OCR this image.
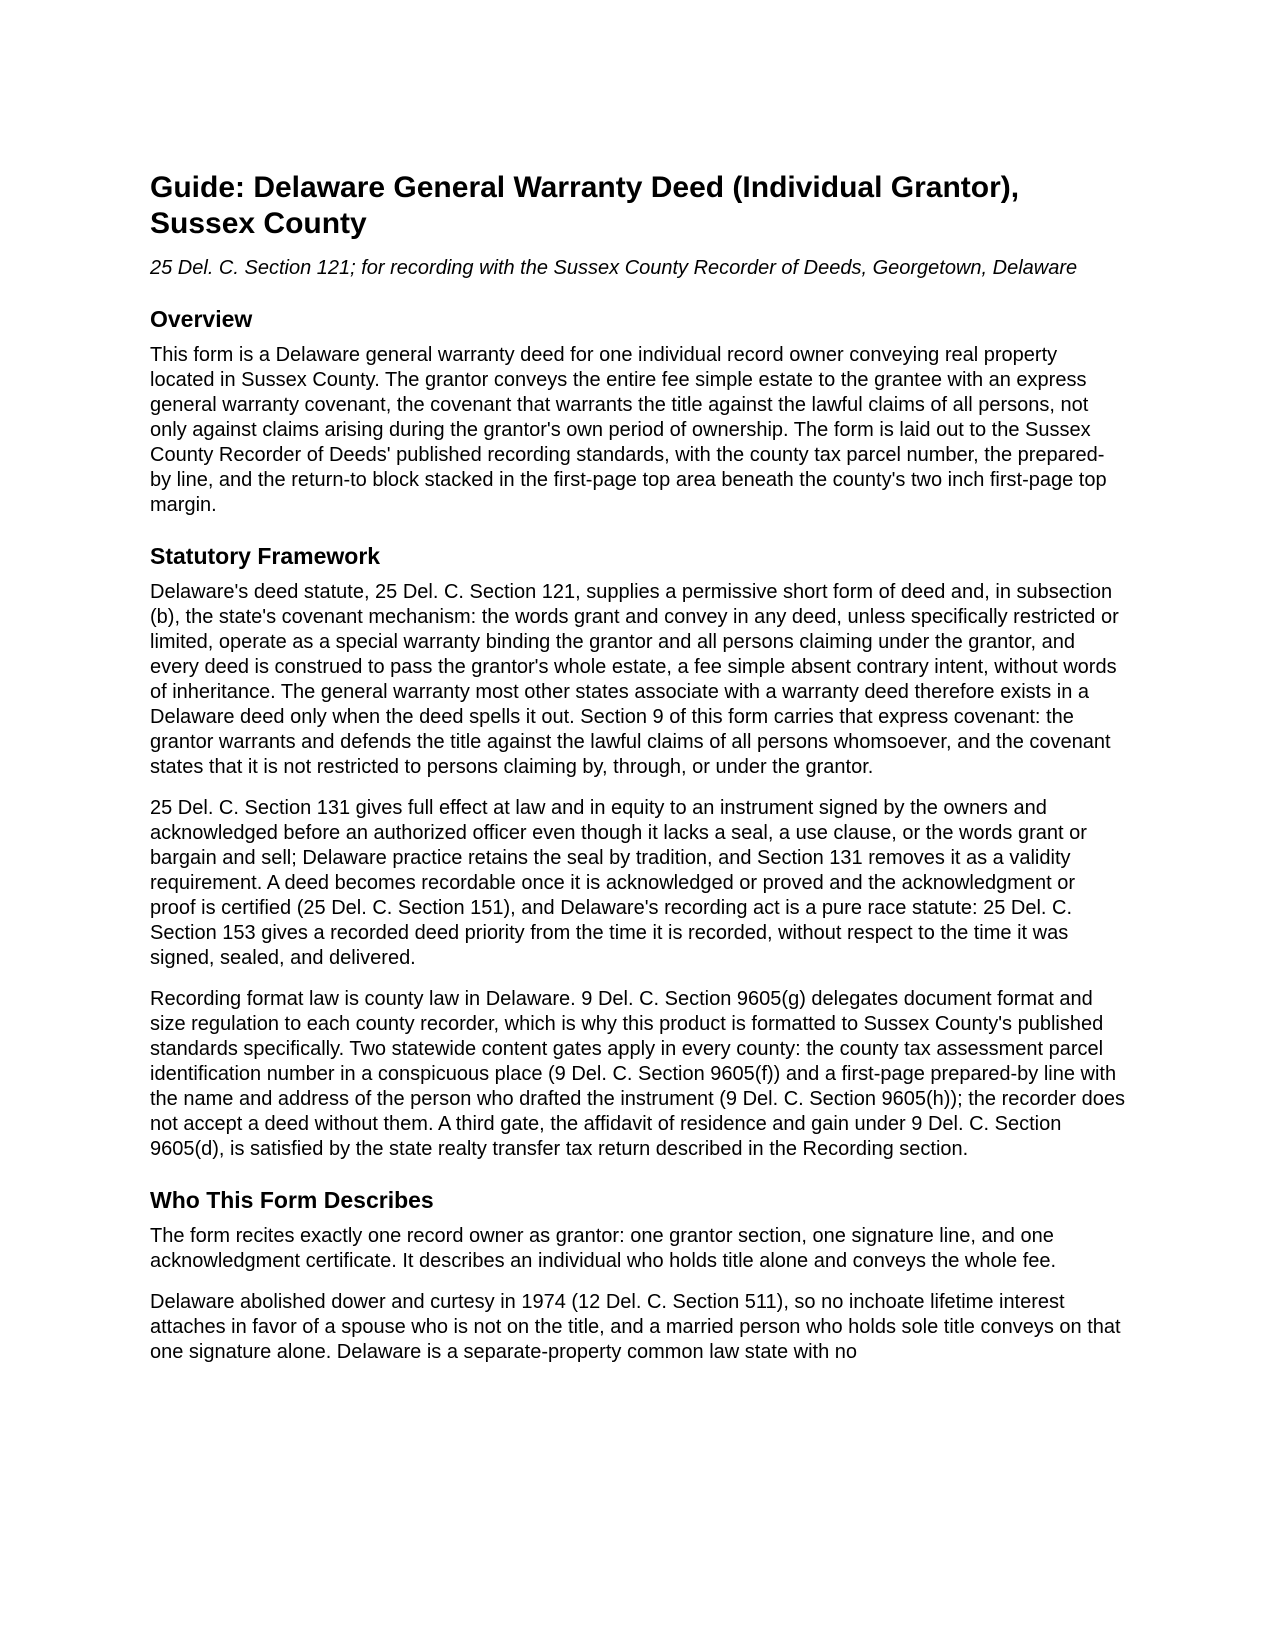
Guide: Delaware General Warranty Deed (Individual Grantor), Sussex County

25 Del. C. Section 121; for recording with the Sussex County Recorder of Deeds, Georgetown, Delaware

Overview

This form is a Delaware general warranty deed for one individual record owner conveying real property located in Sussex County. The grantor conveys the entire fee simple estate to the grantee with an express general warranty covenant, the covenant that warrants the title against the lawful claims of all persons, not only against claims arising during the grantor's own period of ownership. The form is laid out to the Sussex County Recorder of Deeds' published recording standards, with the county tax parcel number, the prepared-by line, and the return-to block stacked in the first-page top area beneath the county's two inch first-page top margin.

Statutory Framework

Delaware's deed statute, 25 Del. C. Section 121, supplies a permissive short form of deed and, in subsection (b), the state's covenant mechanism: the words grant and convey in any deed, unless specifically restricted or limited, operate as a special warranty binding the grantor and all persons claiming under the grantor, and every deed is construed to pass the grantor's whole estate, a fee simple absent contrary intent, without words of inheritance. The general warranty most other states associate with a warranty deed therefore exists in a Delaware deed only when the deed spells it out. Section 9 of this form carries that express covenant: the grantor warrants and defends the title against the lawful claims of all persons whomsoever, and the covenant states that it is not restricted to persons claiming by, through, or under the grantor.

25 Del. C. Section 131 gives full effect at law and in equity to an instrument signed by the owners and acknowledged before an authorized officer even though it lacks a seal, a use clause, or the words grant or bargain and sell; Delaware practice retains the seal by tradition, and Section 131 removes it as a validity requirement. A deed becomes recordable once it is acknowledged or proved and the acknowledgment or proof is certified (25 Del. C. Section 151), and Delaware's recording act is a pure race statute: 25 Del. C. Section 153 gives a recorded deed priority from the time it is recorded, without respect to the time it was signed, sealed, and delivered.

Recording format law is county law in Delaware. 9 Del. C. Section 9605(g) delegates document format and size regulation to each county recorder, which is why this product is formatted to Sussex County's published standards specifically. Two statewide content gates apply in every county: the county tax assessment parcel identification number in a conspicuous place (9 Del. C. Section 9605(f)) and a first-page prepared-by line with the name and address of the person who drafted the instrument (9 Del. C. Section 9605(h)); the recorder does not accept a deed without them. A third gate, the affidavit of residence and gain under 9 Del. C. Section 9605(d), is satisfied by the state realty transfer tax return described in the Recording section.

Who This Form Describes

The form recites exactly one record owner as grantor: one grantor section, one signature line, and one acknowledgment certificate. It describes an individual who holds title alone and conveys the whole fee.

Delaware abolished dower and curtesy in 1974 (12 Del. C. Section 511), so no inchoate lifetime interest attaches in favor of a spouse who is not on the title, and a married person who holds sole title conveys on that one signature alone. Delaware is a separate-property common law state with no
